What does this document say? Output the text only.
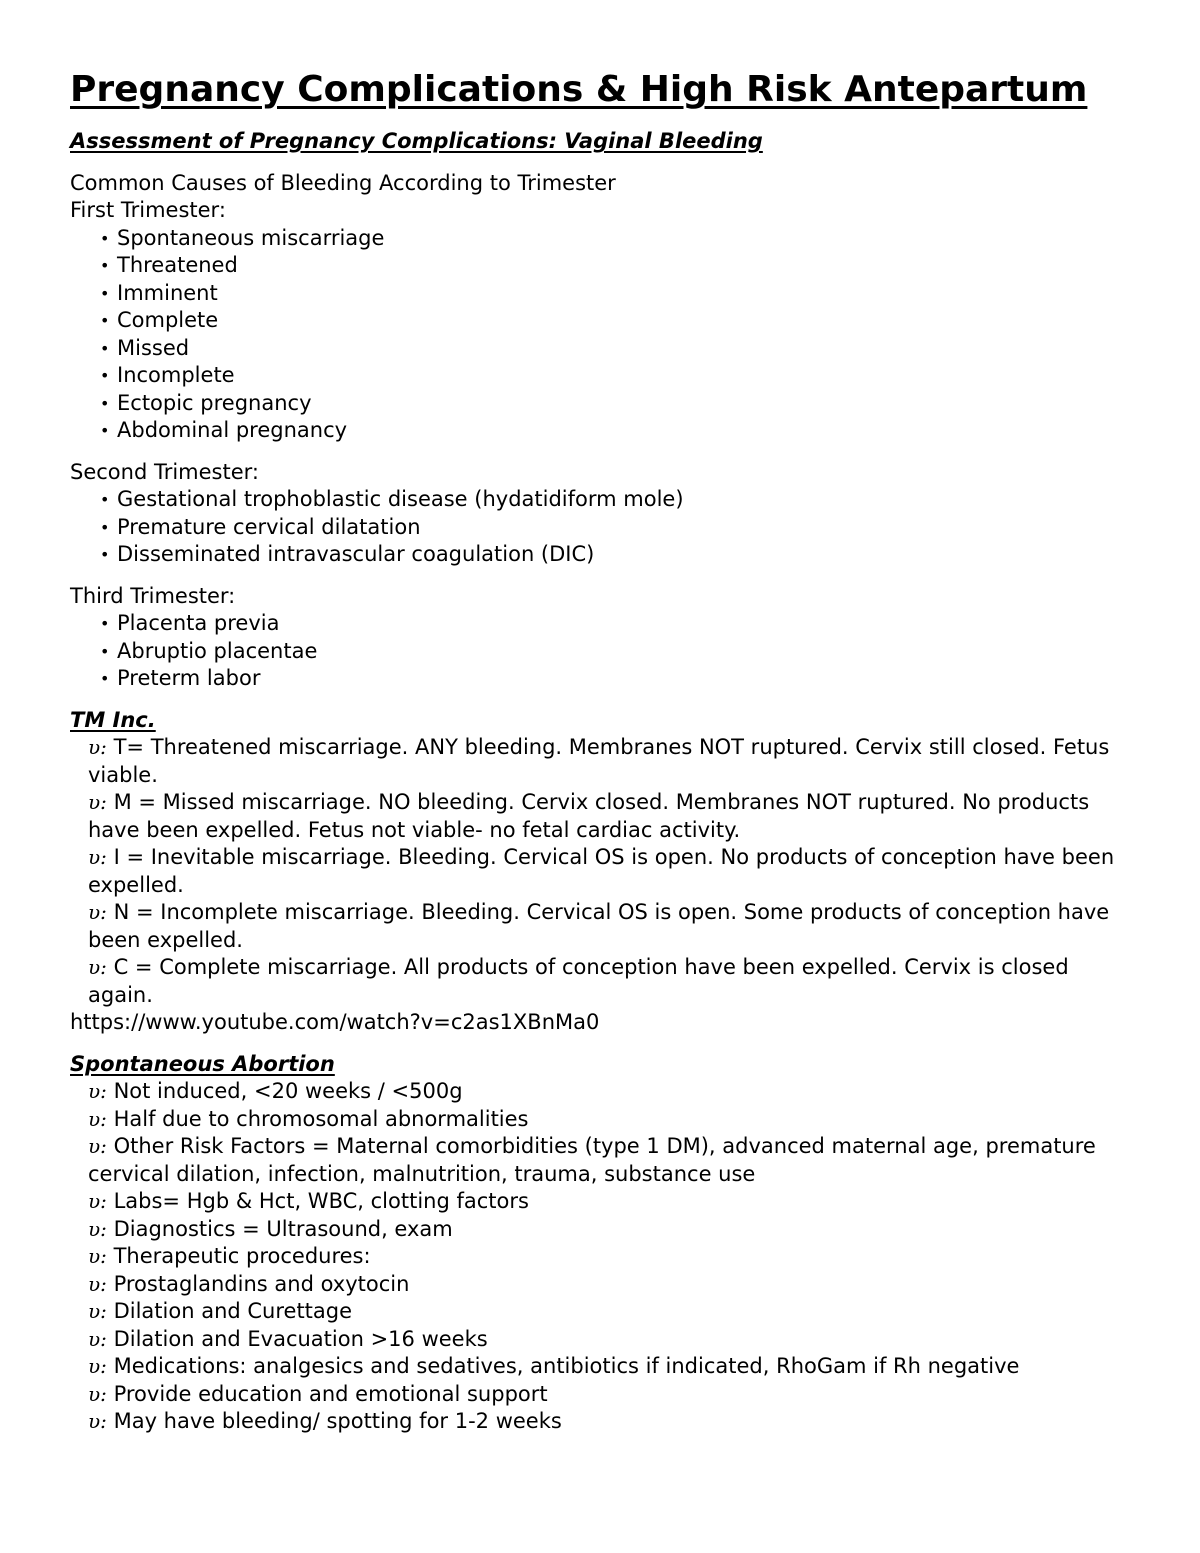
Pregnancy Complications & High Risk Antepartum
Assessment of Pregnancy Complications: Vaginal Bleeding
Common Causes of Bleeding According to Trimester
First Trimester:
• Spontaneous miscarriage
• Threatened
• Imminent
• Complete
• Missed
• Incomplete
• Ectopic pregnancy
• Abdominal pregnancy
Second Trimester:
• Gestational trophoblastic disease (hydatidiform mole)
• Premature cervical dilatation
• Disseminated intravascular coagulation (DIC)
Third Trimester:
• Placenta previa
• Abruptio placentae
• Preterm labor
TM Inc.
υ: T= Threatened miscarriage. ANY bleeding. Membranes NOT ruptured. Cervix still closed. Fetus viable.
υ: M = Missed miscarriage. NO bleeding. Cervix closed. Membranes NOT ruptured. No products have been expelled. Fetus not viable- no fetal cardiac activity.
υ: I = Inevitable miscarriage. Bleeding. Cervical OS is open. No products of conception have been expelled.
υ: N = Incomplete miscarriage. Bleeding. Cervical OS is open. Some products of conception have been expelled.
υ: C = Complete miscarriage. All products of conception have been expelled. Cervix is closed again.
https://www.youtube.com/watch?v=c2as1XBnMa0
Spontaneous Abortion
υ: Not induced, <20 weeks / <500g
υ: Half due to chromosomal abnormalities
υ: Other Risk Factors = Maternal comorbidities (type 1 DM), advanced maternal age, premature cervical dilation, infection, malnutrition, trauma, substance use
υ: Labs= Hgb & Hct, WBC, clotting factors
υ: Diagnostics = Ultrasound, exam
υ: Therapeutic procedures:
υ: Prostaglandins and oxytocin
υ: Dilation and Curettage
υ: Dilation and Evacuation >16 weeks
υ: Medications: analgesics and sedatives, antibiotics if indicated, RhoGam if Rh negative
υ: Provide education and emotional support
υ: May have bleeding/ spotting for 1-2 weeks
